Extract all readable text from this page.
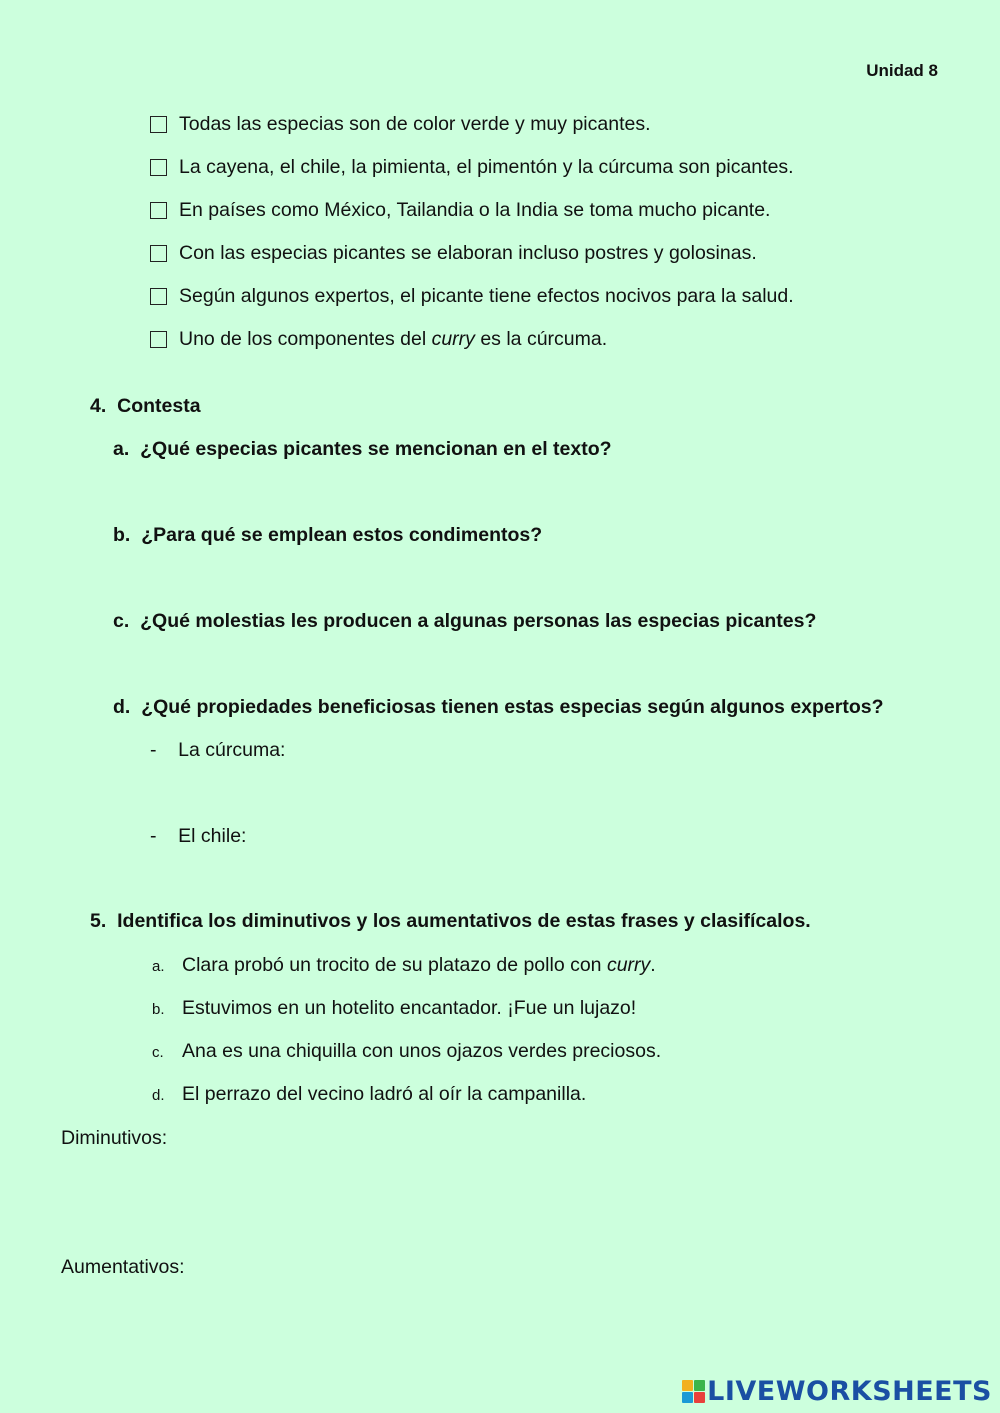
Unidad 8
Todas las especias son de color verde y muy picantes.
La cayena, el chile, la pimienta, el pimentón y la cúrcuma son picantes.
En países como México, Tailandia o la India se toma mucho picante.
Con las especias picantes se elaboran incluso postres y golosinas.
Según algunos expertos, el picante tiene efectos nocivos para la salud.
Uno de los componentes del curry es la cúrcuma.
4. Contesta
a. ¿Qué especias picantes se mencionan en el texto?
b. ¿Para qué se emplean estos condimentos?
c. ¿Qué molestias les producen a algunas personas las especias picantes?
d. ¿Qué propiedades beneficiosas tienen estas especias según algunos expertos?
- La cúrcuma:
- El chile:
5. Identifica los diminutivos y los aumentativos de estas frases y clasifícalos.
a. Clara probó un trocito de su platazo de pollo con curry.
b. Estuvimos en un hotelito encantador. ¡Fue un lujazo!
c. Ana es una chiquilla con unos ojazos verdes preciosos.
d. El perrazo del vecino ladró al oír la campanilla.
Diminutivos:
Aumentativos:
LIVEWORKSHEETS
